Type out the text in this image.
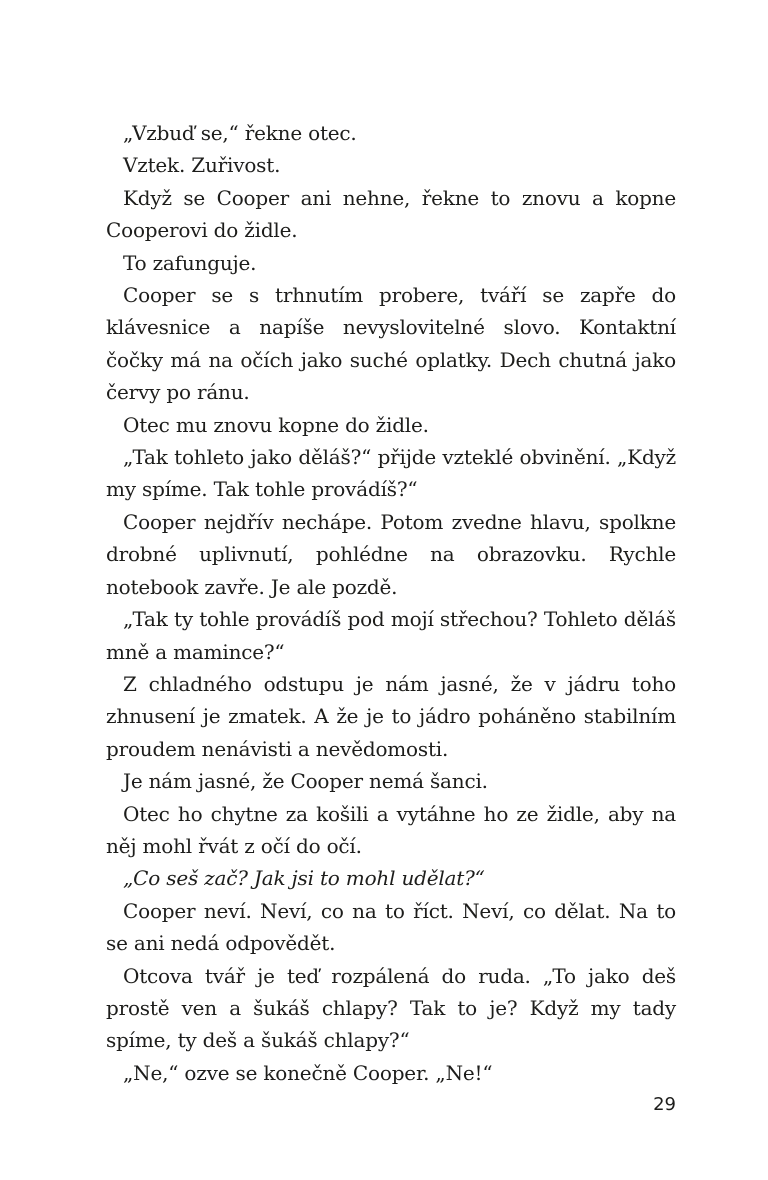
„Vzbuď se,“ řekne otec.

Vztek. Zuřivost.

Když se Cooper ani nehne, řekne to znovu a kopne Cooperovi do židle.

To zafunguje.

Cooper se s trhnutím probere, tváří se zapře do klávesnice a napíše nevyslovitelné slovo. Kontaktní čočky má na očích jako suché oplatky. Dech chutná jako červy po ránu.

Otec mu znovu kopne do židle.

„Tak tohleto jako děláš?“ přijde vzteklé obvinění. „Když my spíme. Tak tohle provádíš?“

Cooper nejdřív nechápe. Potom zvedne hlavu, spolkne drobné uplivnutí, pohlédne na obrazovku. Rychle notebook zavře. Je ale pozdě.

„Tak ty tohle provádíš pod mojí střechou? Tohleto děláš mně a mamince?“

Z chladného odstupu je nám jasné, že v jádru toho zhnusení je zmatek. A že je to jádro poháněno stabilním proudem nenávisti a nevědomosti.

Je nám jasné, že Cooper nemá šanci.

Otec ho chytne za košili a vytáhne ho ze židle, aby na něj mohl řvát z očí do očí.

„Co seš zač? Jak jsi to mohl udělat?“

Cooper neví. Neví, co na to říct. Neví, co dělat. Na to se ani nedá odpovědět.

Otcova tvář je teď rozpálená do ruda. „To jako deš prostě ven a šukáš chlapy? Tak to je? Když my tady spíme, ty deš a šukáš chlapy?“

„Ne,“ ozve se konečně Cooper. „Ne!“

29
